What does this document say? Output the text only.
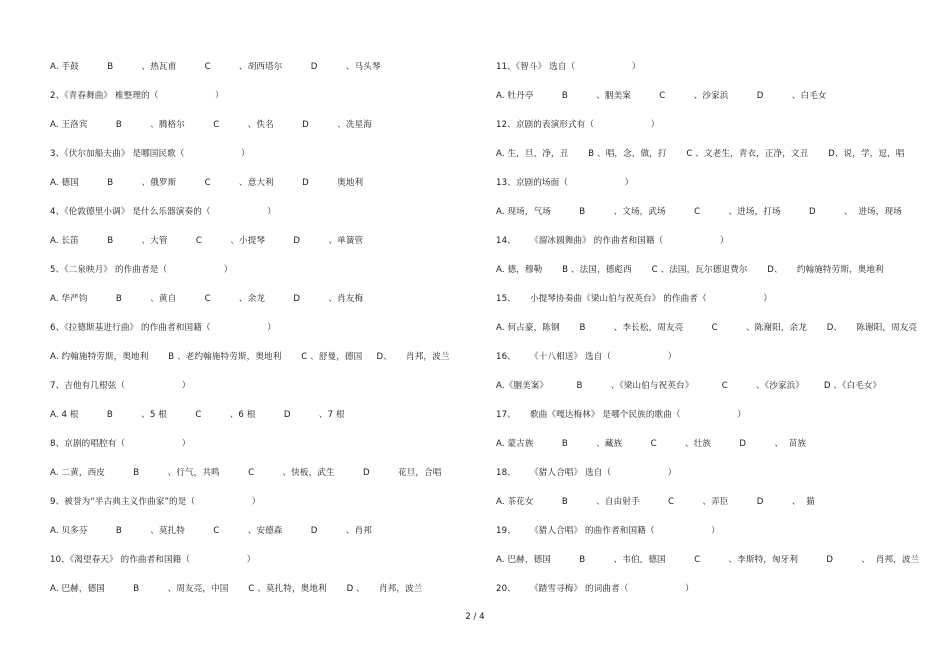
A. 手鼓          B          、热瓦甫          C          、胡西塔尔          D          、马头琴
2、《青春舞曲》 椎整理的（                    ）
A. 王洛宾          B          、腾格尔          C          、佚名          D          、冼星海
3、《伏尔加船夫曲》 是哪国民歌（                    ）
A. 德国          B          、俄罗斯          C          、意大利          D          奥地利
4、《伦敦德里小调》 是什么乐器演奏的（                    ）
A. 长笛          B          、大管          C          、小提琴          D          、单簧管
5、《二泉映月》 的作曲者是（                    ）
A. 华严钧          B          、黄自          C          、余龙          D          、肖友梅
6、《拉德斯基进行曲》 的作曲者和国籍（                    ）
A. 约翰施特劳斯，奥地利       B 、老约翰施特劳斯，奥地利       C 、舒曼，德国     D、     肖邦，波兰
7、吉他有几根弦（                    ）
A. 4 根          B          、5 根          C          、6 根          D          、7 根
8、京剧的唱腔有（                    ）
A. 二黄，西皮          B          、行气，共鸣          C          、快板，武生          D          花旦，合唱
9、被誉为“半古典主义作曲家”的是（                    ）
A. 贝多芬          B          、莫扎特          C          、安德森          D          、肖邦
10、《渴望春天》 的作曲者和国籍（                    ）
A. 巴赫，德国          B          、周友亮，中国       C 、莫扎特，奥地利       D 、     肖邦，波兰
11、《智斗》 选自（                    ）
A. 牡丹亭          B          、胭美案          C          、沙家浜          D          、白毛女
12、京剧的表演形式有（                    ）
A. 生，旦，净，丑       B 、唱，念，做，打       C 、文老生，青衣，正净，文丑       D、说，学，逗，唱
13、京剧的场面（                    ）
A. 现场，气场          B          、文场，武场          C          、进场，打场          D          、  进场，现场
14、     《溜冰圆舞曲》 的作曲者和国籍（                    ）
A. 德，穆勒       B 、法国，德彪西       C 、法国，瓦尔德退费尔       D、     约翰施特劳斯，奥地利
15、     小提琴协奏曲《梁山伯与祝英台》 的作曲者（                    ）
A. 何占豪，陈钢       B          、李长松，周友亮          C          、陈谢阳，余龙       D、     陈谢阳，周友亮
16、     《十八相送》 选自（                    ）
A.《胭美案》          B          、《梁山伯与祝英台》          C          、《沙家浜》       D 、《白毛女》
17、     歌曲《嘎达梅林》 是哪个民族的歌曲（                    ）
A. 蒙古族          B          、藏族          C          、壮族          D          、  苗族
18、     《猎人合唱》 选自（                    ）
A. 茶花女          B          、自由射手          C          、弄臣          D          、  猫
19、     《猎人合唱》 的曲作者和国籍（                    ）
A. 巴赫，德国          B          、韦伯，德国          C          、李斯特，匈牙利          D          、  肖邦，波兰
20、     《踏雪寻梅》 的词曲者（                    ）
2 / 4
